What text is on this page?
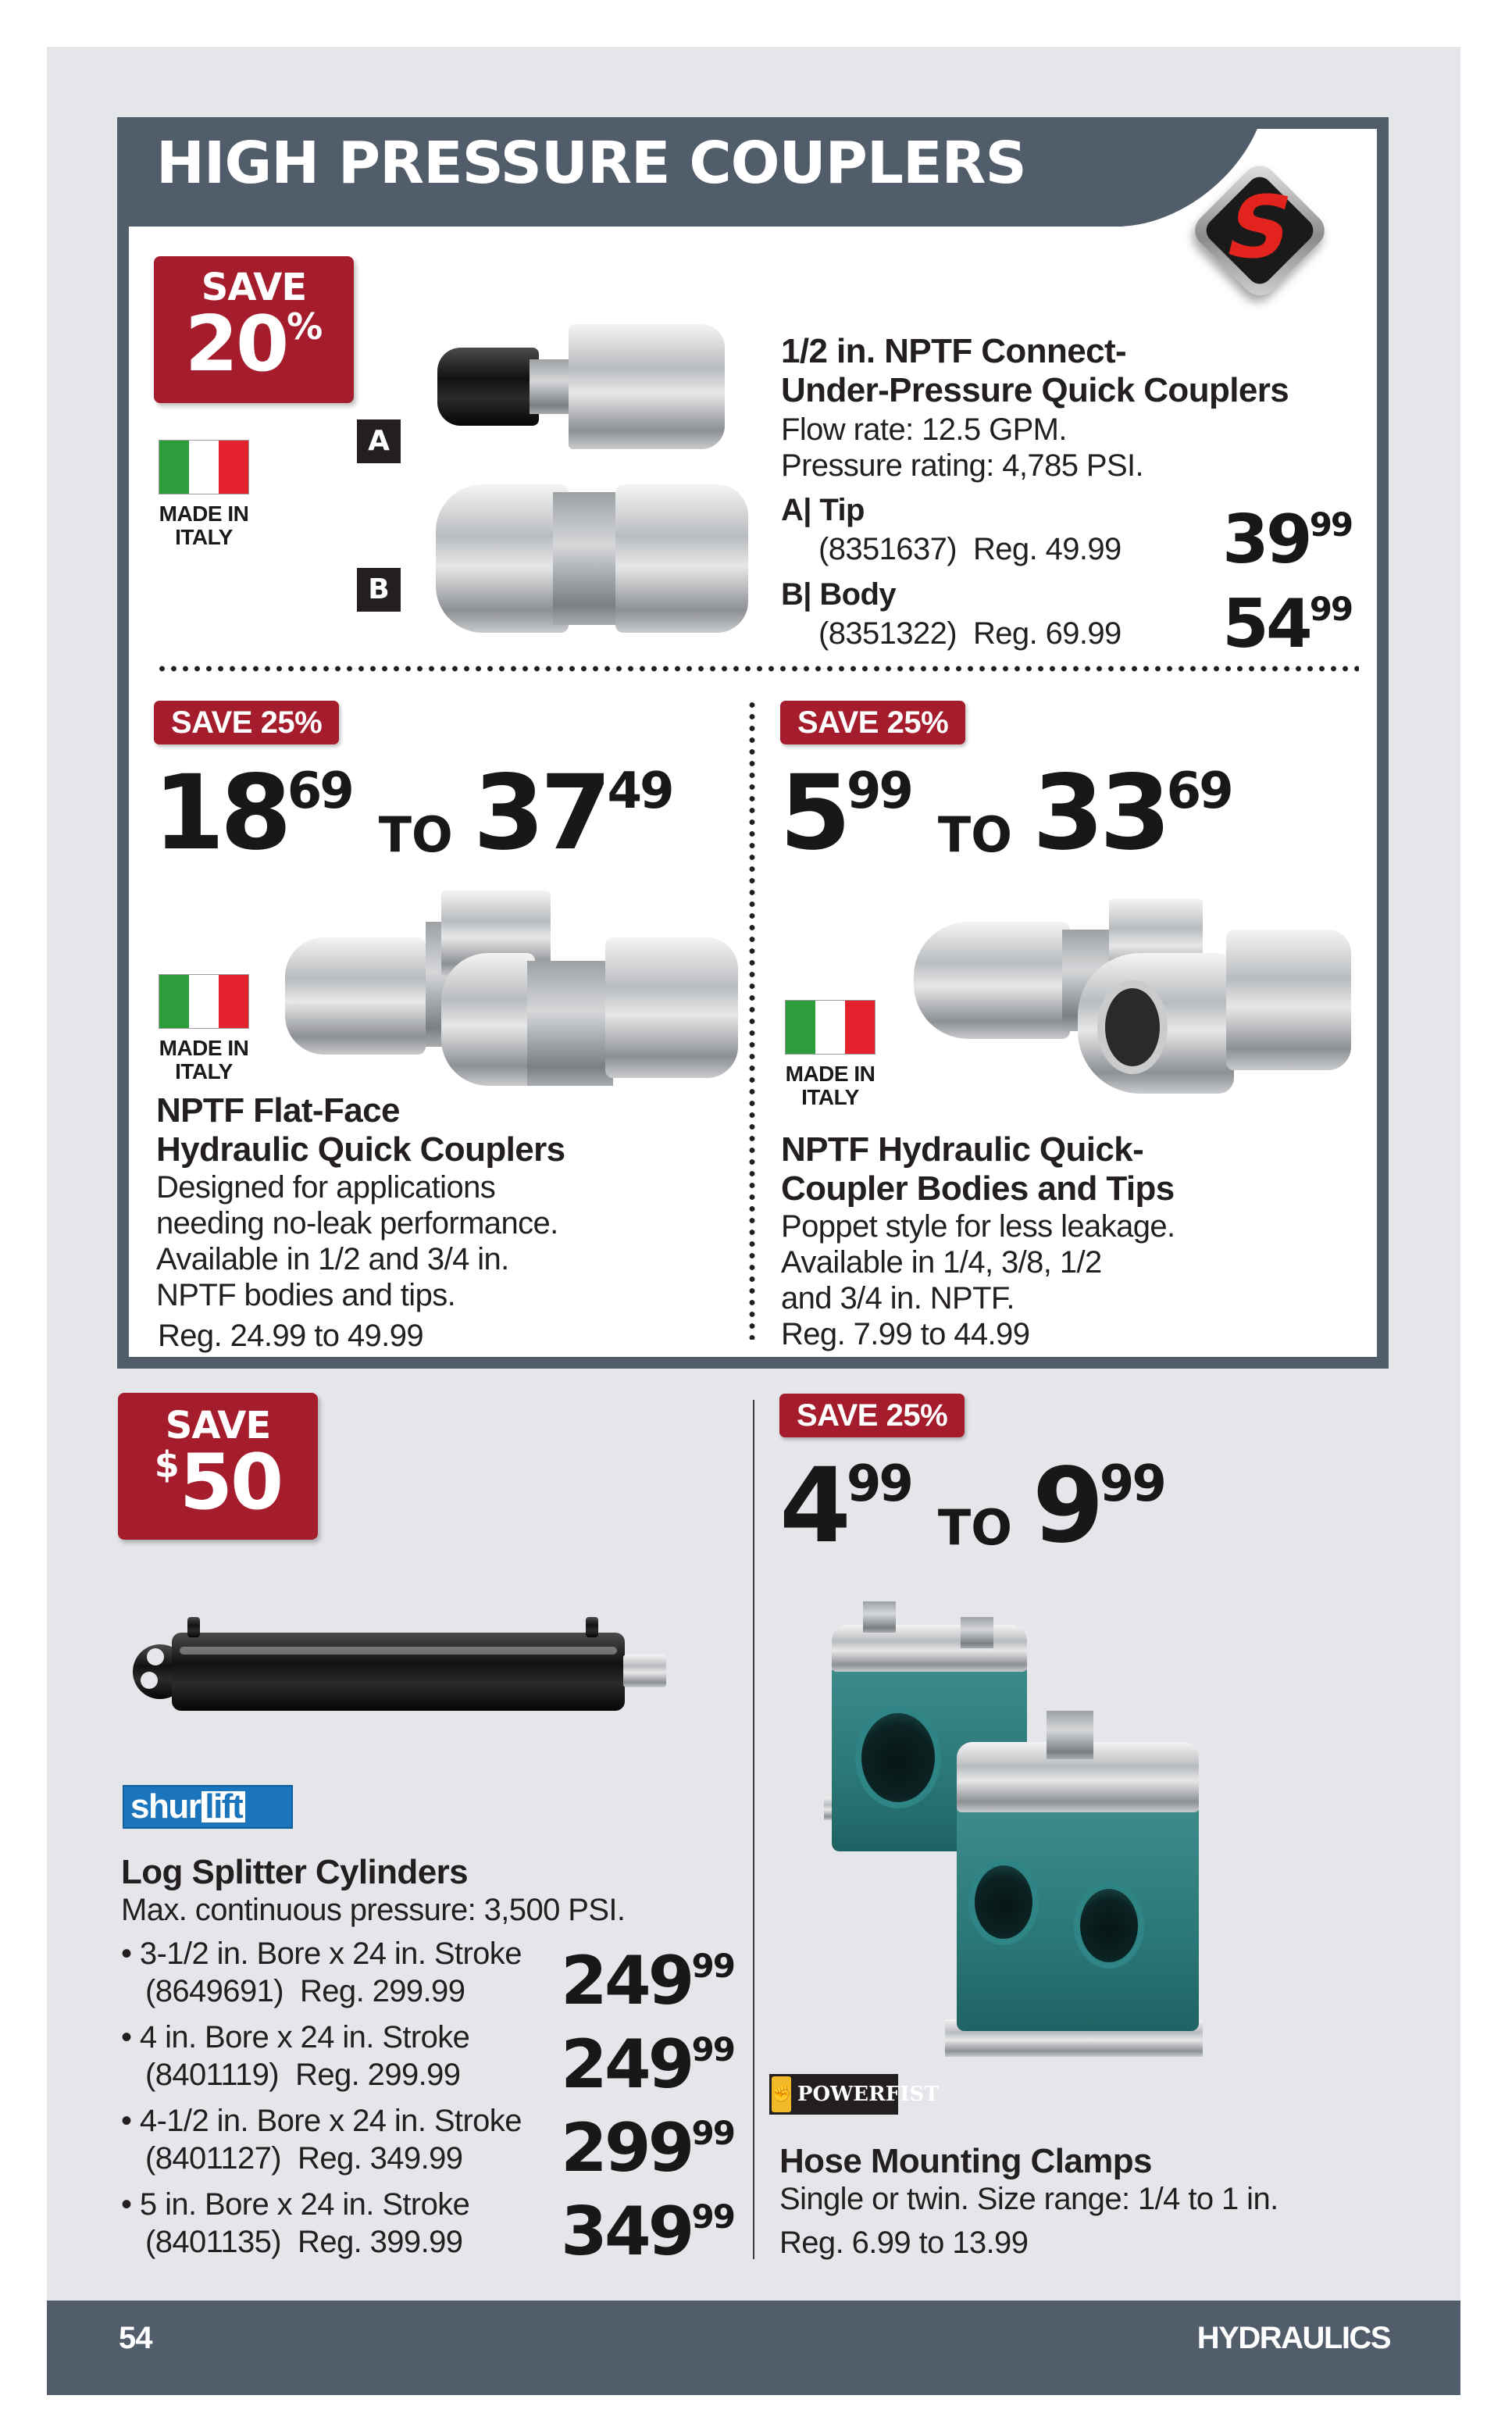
HIGH PRESSURE COUPLERS
S
SAVE
20%
MADE IN
ITALY
A
B
1/2 in. NPTF Connect-
Under-Pressure Quick Couplers
Flow rate: 12.5 GPM.
Pressure rating: 4,785 PSI.
A| Tip
(8351637) Reg. 49.99 $39^{99}$
B| Body
(8351322) Reg. 69.99 $54^{99}$
SAVE 25%
$18^{69}TO$ $37^{49}$
MADE IN
ITALY
NPTF Flat-Face
Hydraulic Quick Couplers
Designed for applications
needing no-leak performance.
Available in 1/2 and 3/4 in.
NPTF bodies and tips.
Reg. 24.99 to 49.99
SAVE 25%
$5^{99}TO$ $33^{69}$
MADE IN
ITALY
NPTF Hydraulic Quick-
Coupler Bodies and Tips
Poppet style for less leakage.
Available in 1/4, 3/8, 1/2
and 3/4 in. NPTF.
Reg. 7.99 to 44.99
SAVE
$50
shur lift
Log Splitter Cylinders
Max. continuous pressure: 3,500 PSI.
• 3-1/2 in. Bore x 24 in. Stroke
(8649691) Reg. 299.99 $249^{99}$
• 4 in. Bore x 24 in. Stroke
(8401119) Reg. 299.99 $249^{99}$
• 4-1/2 in. Bore x 24 in. Stroke
(8401127) Reg. 349.99 $299^{99}$
• 5 in. Bore x 24 in. Stroke
(8401135) Reg. 399.99 $349^{99}$
SAVE 25%
$4^{99}TO$ $9^{99}$
✊ POWERFIST
Hose Mounting Clamps
Single or twin. Size range: 1/4 to 1 in.
Reg. 6.99 to 13.99
54	HYDRAULICS
